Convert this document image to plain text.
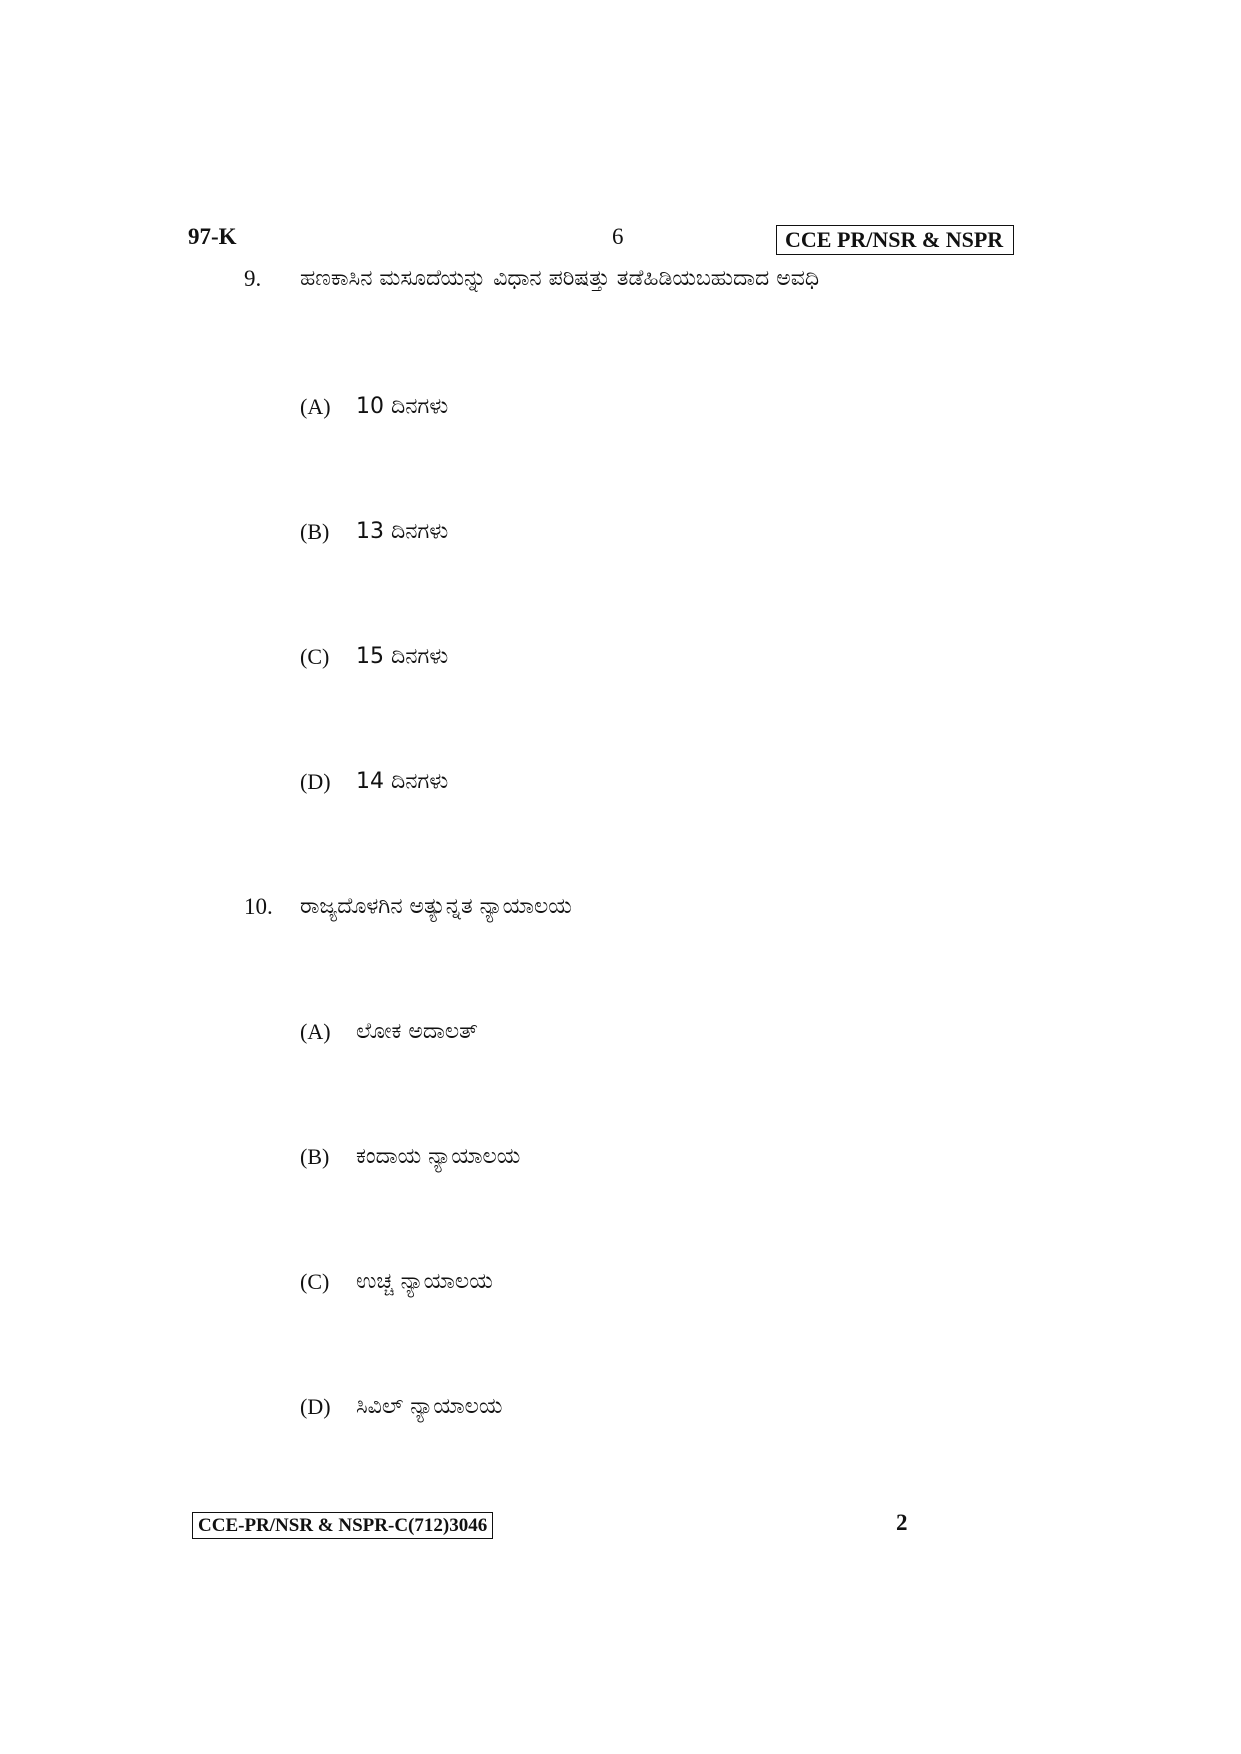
97-K	6	CCE PR/NSR & NSPR
9. ಹಣಕಾಸಿನ ಮಸೂದೆಯನ್ನು ವಿಧಾನ ಪರಿಷತ್ತು ತಡೆಹಿಡಿಯಬಹುದಾದ ಅವಧಿ
(A) 10 ದಿನಗಳು
(B) 13 ದಿನಗಳು
(C) 15 ದಿನಗಳು
(D) 14 ದಿನಗಳು
10. ರಾಜ್ಯದೊಳಗಿನ ಅತ್ಯುನ್ನತ ನ್ಯಾಯಾಲಯ
(A) ಲೋಕ ಅದಾಲತ್
(B) ಕಂದಾಯ ನ್ಯಾಯಾಲಯ
(C) ಉಚ್ಚ ನ್ಯಾಯಾಲಯ
(D) ಸಿವಿಲ್ ನ್ಯಾಯಾಲಯ
CCE-PR/NSR & NSPR-C(712)3046	2
